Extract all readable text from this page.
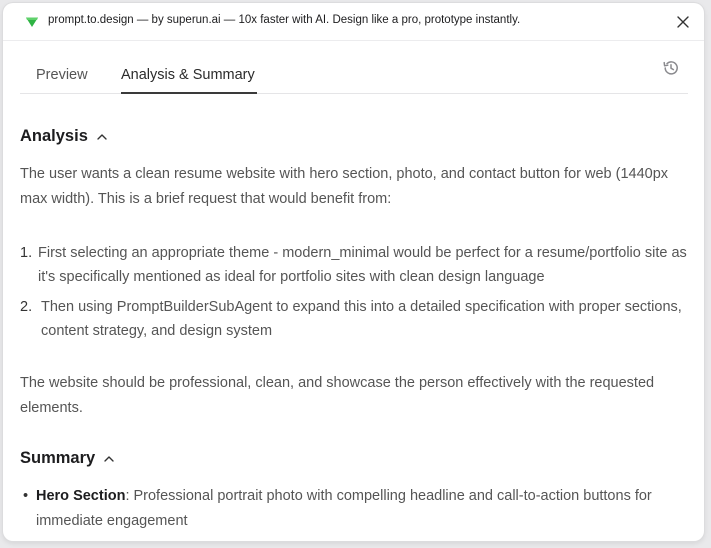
prompt.to.design — by superun.ai — 10x faster with AI. Design like a pro, prototype instantly.
Preview Analysis & Summary
Analysis

The user wants a clean resume website with hero section, photo, and contact button for web (1440px max width). This is a brief request that would benefit from:

1. First selecting an appropriate theme - modern_minimal would be perfect for a resume/portfolio site as it's specifically mentioned as ideal for portfolio sites with clean design language
2. Then using PromptBuilderSubAgent to expand this into a detailed specification with proper sections, content strategy, and design system

The website should be professional, clean, and showcase the person effectively with the requested elements.

Summary
• Hero Section: Professional portrait photo with compelling headline and call-to-action buttons for immediate engagement
